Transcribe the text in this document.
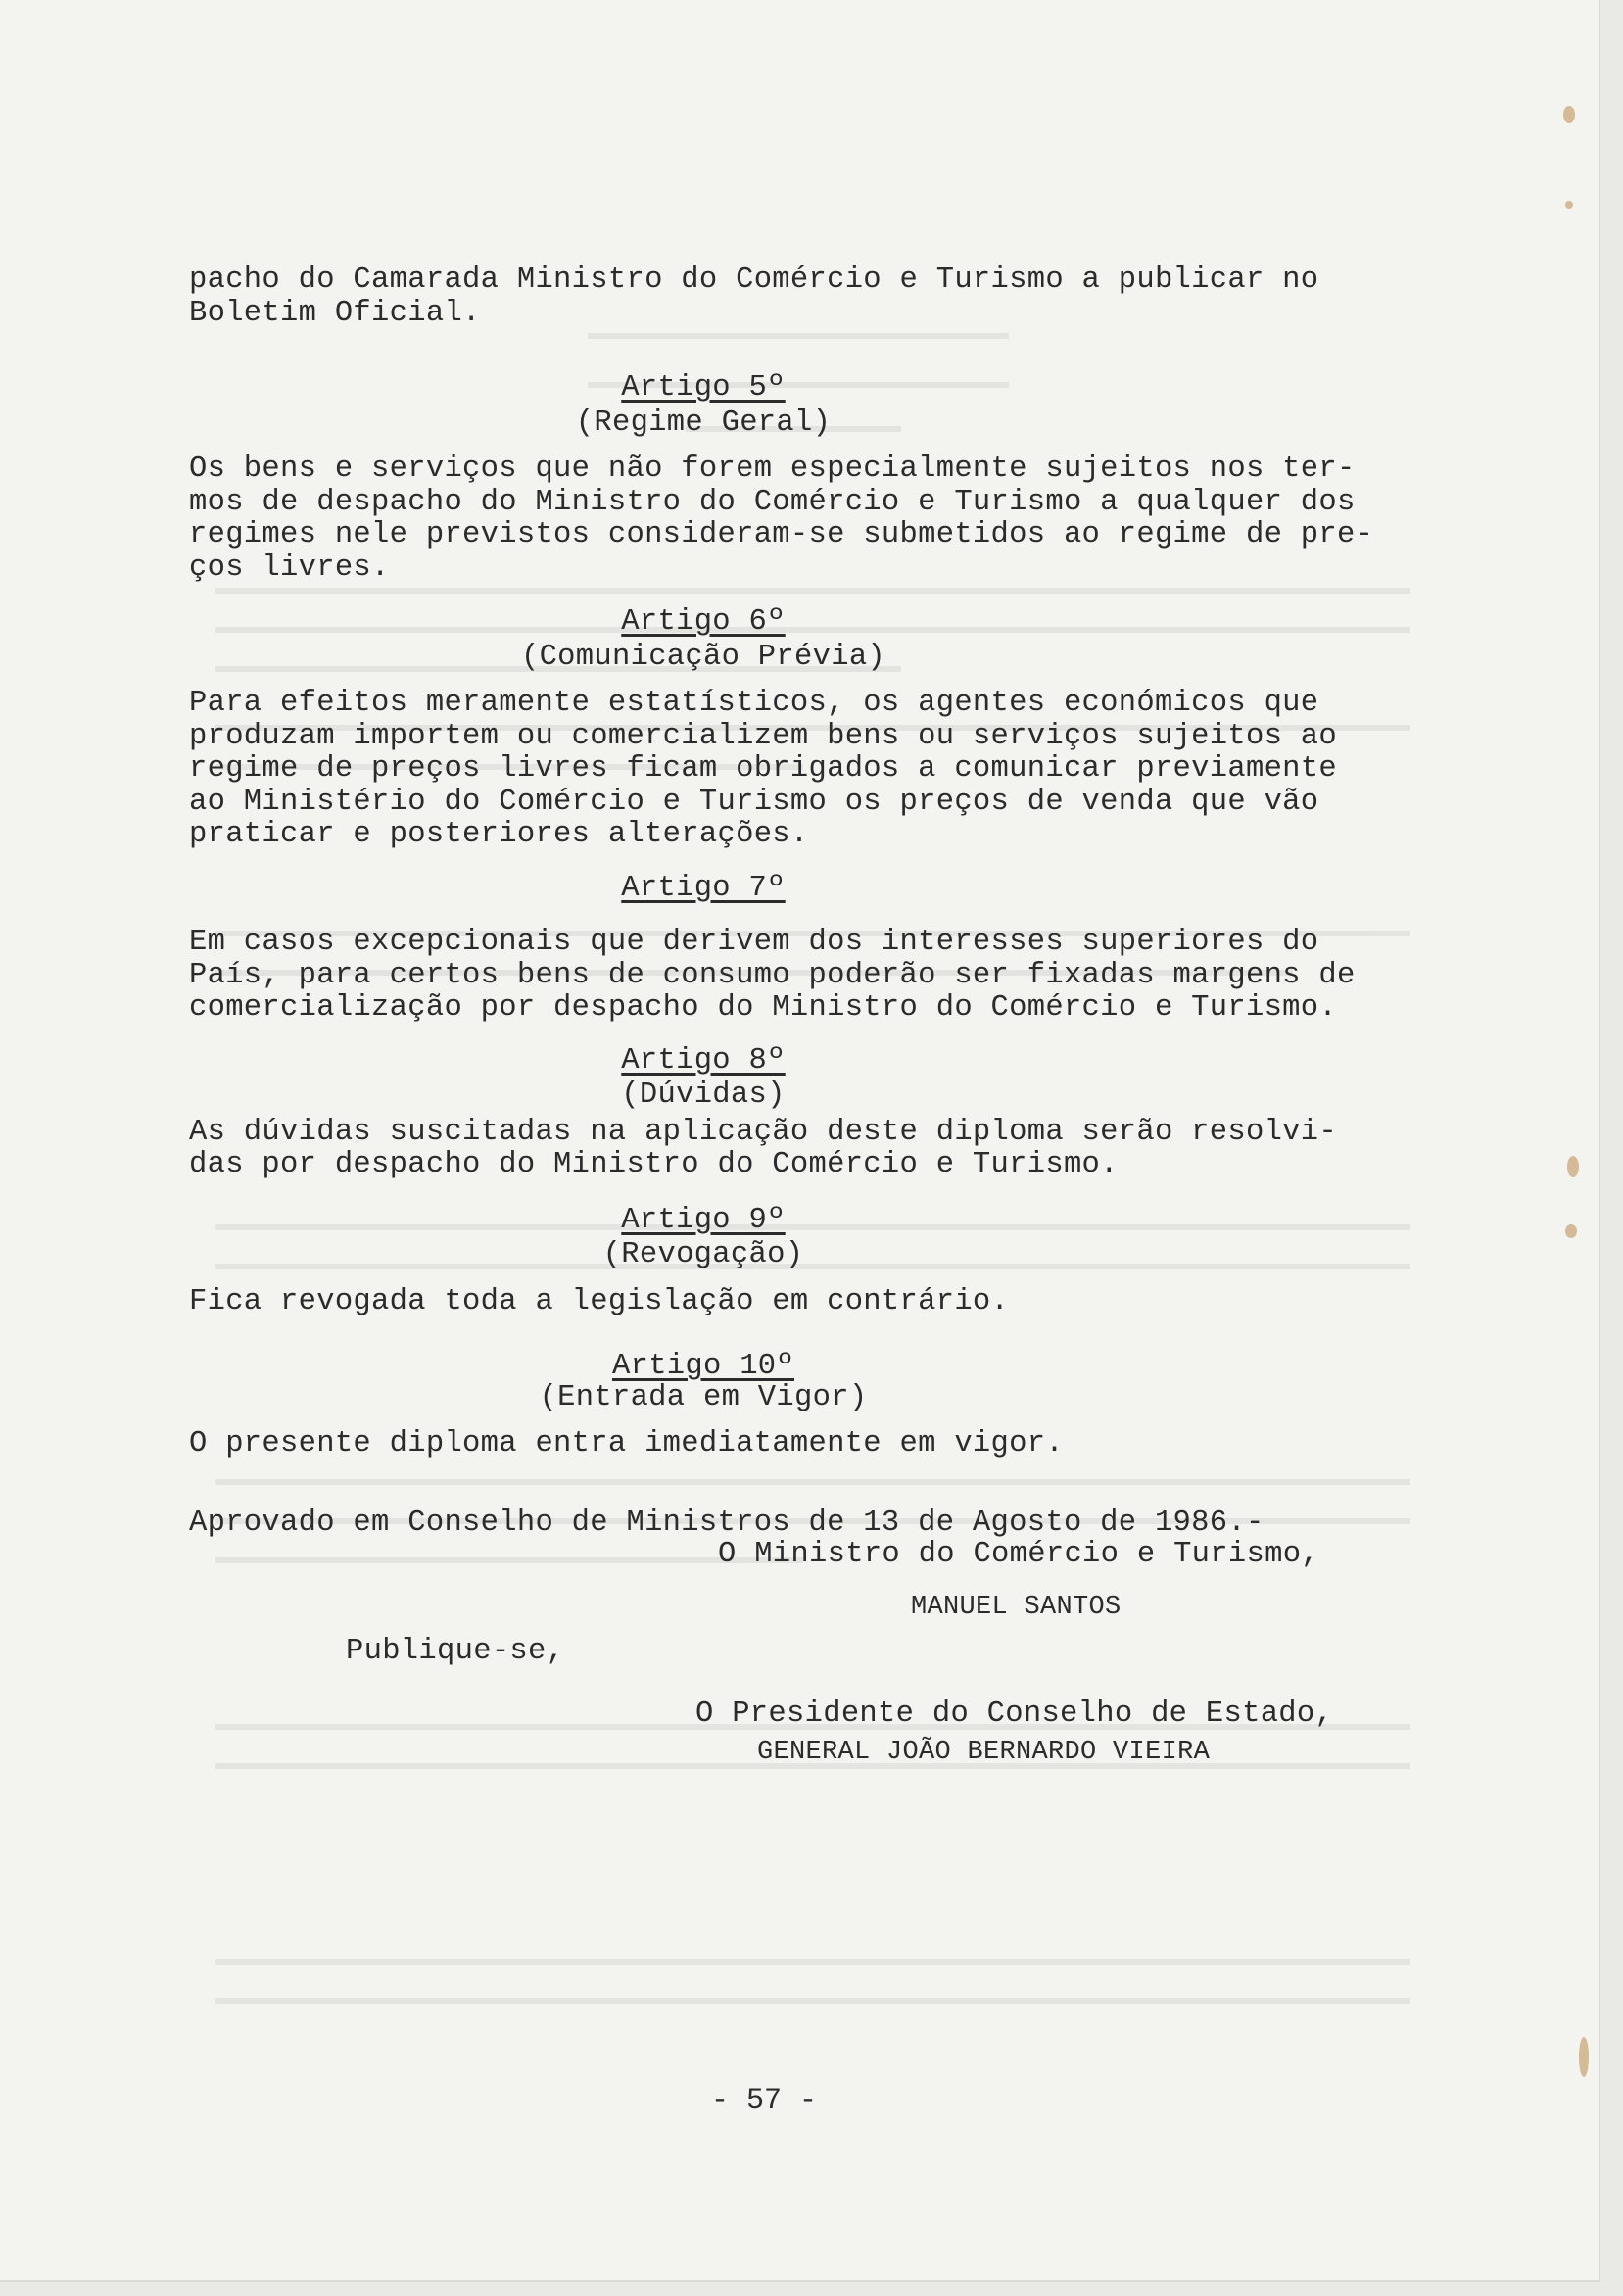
pacho do Camarada Ministro do Comércio e Turismo a publicar no

Boletim Oficial.

Artigo 5º

(Regime Geral)

Os bens e serviços que não forem especialmente sujeitos nos ter-

mos de despacho do Ministro do Comércio e Turismo a qualquer dos

regimes nele previstos consideram-se submetidos ao regime de pre-

ços livres.

Artigo 6º

(Comunicação Prévia)

Para efeitos meramente estatísticos, os agentes económicos que

produzam importem ou comercializem bens ou serviços sujeitos ao

regime de preços livres ficam obrigados a comunicar previamente

ao Ministério do Comércio e Turismo os preços de venda que vão

praticar e posteriores alterações.

Artigo 7º

Em casos excepcionais que derivem dos interesses superiores do

País, para certos bens de consumo poderão ser fixadas margens de

comercialização por despacho do Ministro do Comércio e Turismo.

Artigo 8º

(Dúvidas)

As dúvidas suscitadas na aplicação deste diploma serão resolvi-

das por despacho do Ministro do Comércio e Turismo.

Artigo 9º

(Revogação)

Fica revogada toda a legislação em contrário.

Artigo 10º

(Entrada em Vigor)

O presente diploma entra imediatamente em vigor.

Aprovado em Conselho de Ministros de 13 de Agosto de 1986.-

O Ministro do Comércio e Turismo,

MANUEL SANTOS

Publique-se,

O Presidente do Conselho de Estado,

GENERAL JOÃO BERNARDO VIEIRA

- 57 -
